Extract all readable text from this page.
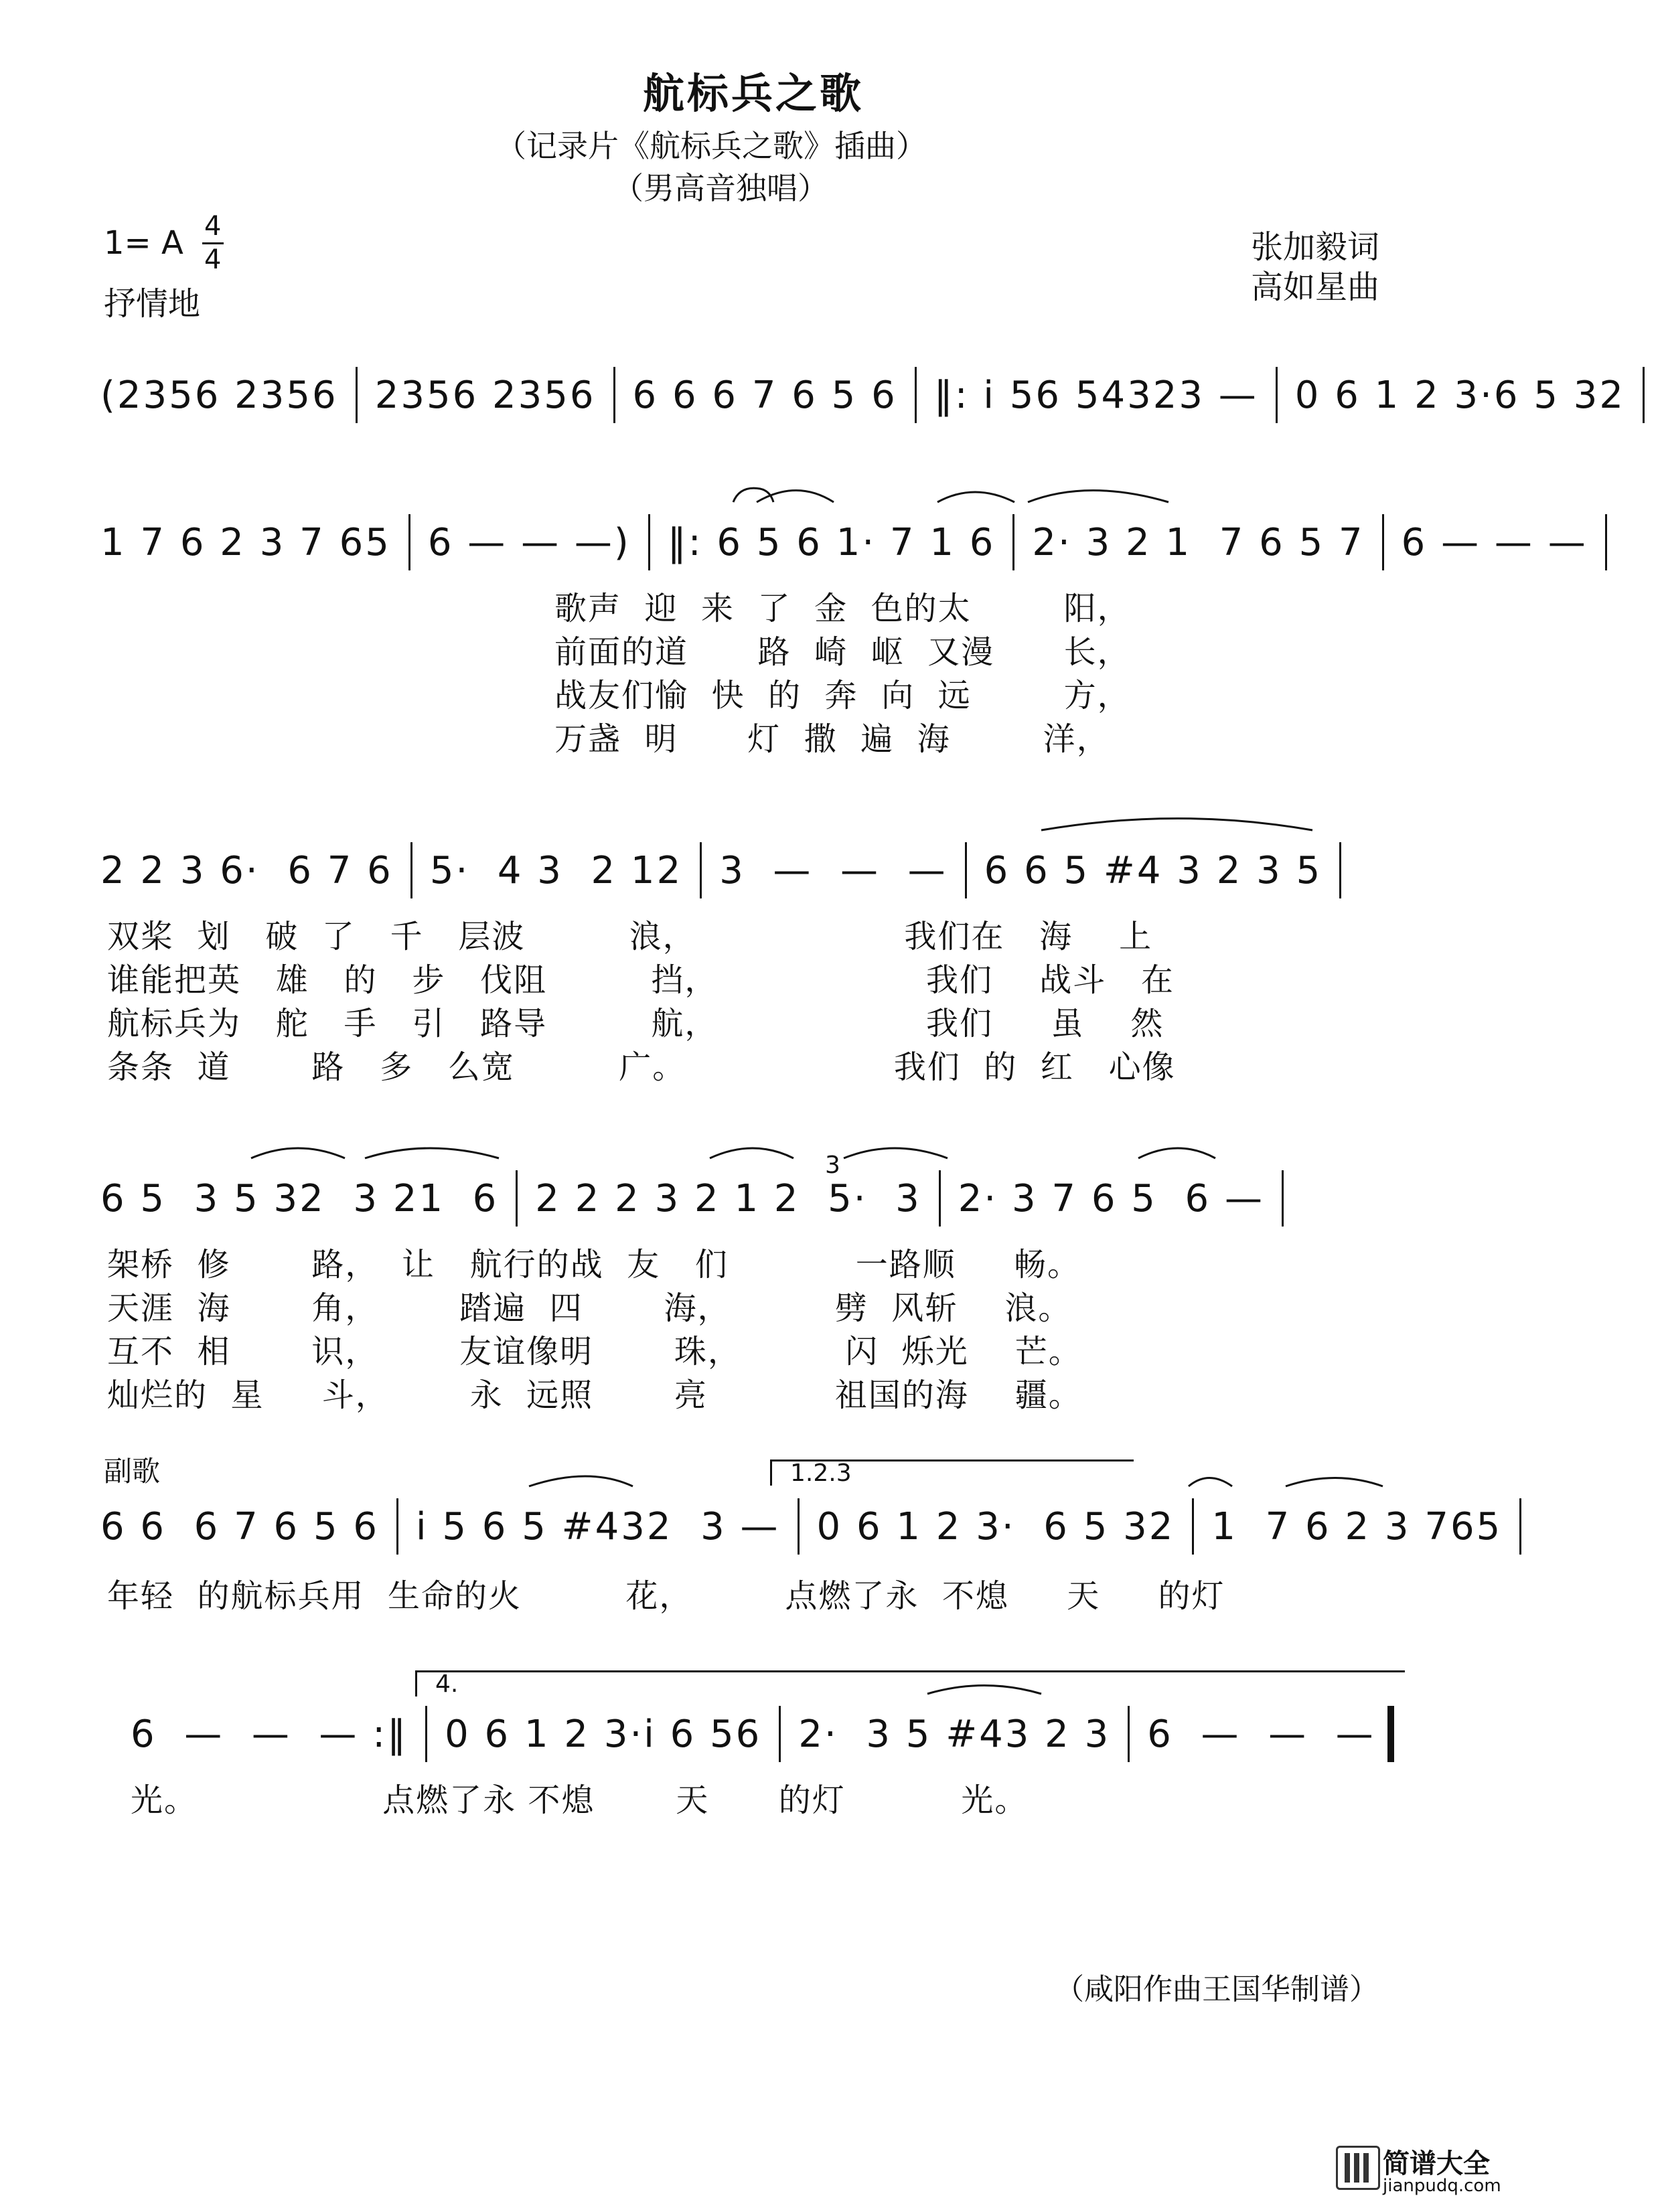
航标兵之歌
（记录片《航标兵之歌》插曲）
（男高音独唱）
1= A 4
4
抒情地
张加毅词
高如星曲
(2356 2356 2356 2356 6 6 6 7 6 5 6 ‖: i 56 54323 — 0 6 1 2 3·6 5 32
1 7 6 2 3 7 65 6 — — —) ‖: 6 5 6 1· 7 1 6 2· 3 2 1  7 6 5 7 6 — — —
歌声  迎  来  了  金  色的太        阳，
前面的道      路  崎  岖  又漫      长，
战友们愉  快  的  奔  向  远        方，
万盏  明      灯  撒  遍  海        洋，
2 2 3 6·  6 7 6 5·  4 3  2 12 3  —  —  — 6 6 5 #4 3 2 3 5
双桨  划   破  了   千   层波         浪，                  我们在   海    上
谁能把英   雄   的   步   伐阻         挡，                  我们    战斗   在
航标兵为   舵   手   引   路导         航，                  我们     虽    然
条条  道       路   多   么宽         广。                  我们  的  红   心像
3
6 5  3 5 32  3 21  6 2 2 2 3 2 1 2  5·  3 2· 3 7 6 5  6 —
架桥  修       路，  让   航行的战  友   们           一路顺     畅。
天涯  海       角，       踏遍  四       海，         劈  风斩    浪。
互不  相       识，       友谊像明       珠，         闪  烁光    芒。
灿烂的  星     斗，       永  远照       亮           祖国的海    疆。
副歌	1.2.3
6 6  6 7 6 5 6 i 5 6 5 #432  3 — 0 6 1 2 3·  6 5 32 1  7 6 2 3 765
年轻  的航标兵用  生命的火         花，        点燃了永  不熄     天     的灯
4.
6  —  —  — :‖ 0 6 1 2 3·i 6 56 2·  3 5 #43 2 3 6  —  —  —
光。                点燃了永 不熄       天      的灯          光。
（咸阳作曲王国华制谱）

简谱大全
jianpudq.com
